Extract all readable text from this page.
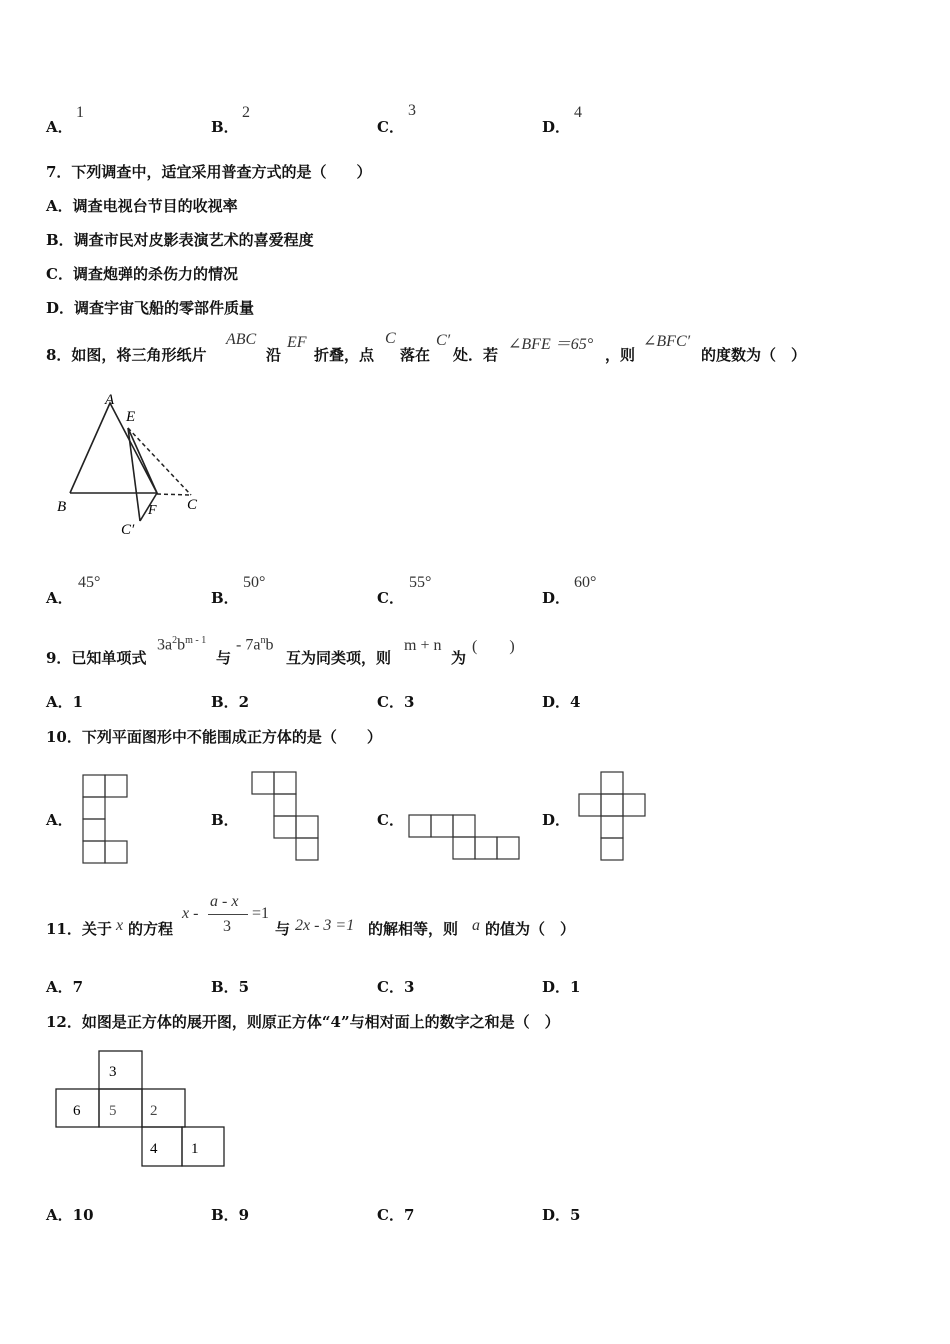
A．
1
B．
2
C．
3
D．
4
7．下列调查中，适宜采用普查方式的是（　　）
A．调查电视台节目的收视率
B．调查市民对皮影表演艺术的喜爱程度
C．调查炮弹的杀伤力的情况
D．调查宇宙飞船的零部件质量
8．如图，将三角形纸片
ABC
沿
EF
折叠，点
C
落在
C′
处．若
∠BFE ＝65°
，则
∠BFC′
的度数为（　）
A
E
B	C
F
C′
A．
45°
B．
50°
C．
55°
D．
60°
9．已知单项式
$3a^2b^{m - 1}$
与
- $7a^nb$
互为同类项，则
m + n
为
(　　)
A．1	B．2	C．3	D．4
10．下列平面图形中不能围成正方体的是（　　）
A．	B．	C．	D．
11．关于 x 的方程
x -
a - x
3
=1
与 2x - 3 =1 的解相等，则 a 的值为（　）
A．7	B．5	C．3	D．1
12．如图是正方体的展开图，则原正方体“4”与相对面上的数字之和是（　）
3
6 5 2
4 1
A．10	B．9	C．7	D．5
